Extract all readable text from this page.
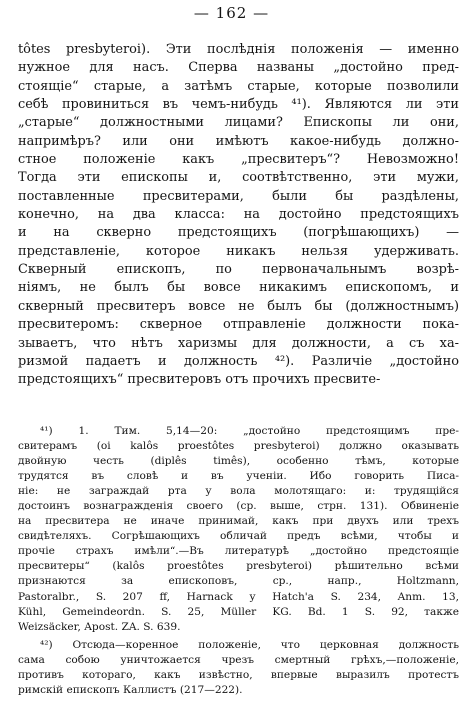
— 162 —
tôtes presbyteroi). Эти послѣднія положенія — именно
нужное для насъ. Сперва названы „достойно пред-
стоящіе“ старые, а затѣмъ старые, которые позволили
себѣ провиниться въ чемъ-нибудь ⁴¹). Являются ли эти
„старые“ должностными лицами? Епископы ли они,
напримѣръ? или они имѣютъ какое-нибудь должно-
стное положеніе какъ „пресвитеръ“? Невозможно!
Тогда эти епископы и, соотвѣтственно, эти мужи,
поставленные пресвитерами, были бы раздѣлены,
конечно, на два класса: на достойно предстоящихъ
и на скверно предстоящихъ (погрѣшающихъ) —
представленіе, которое никакъ нельзя удерживать.
Скверный епископъ, по первоначальнымъ возрѣ-
ніямъ, не былъ бы вовсе никакимъ епископомъ, и
скверный пресвитеръ вовсе не былъ бы (должностнымъ)
пресвитеромъ: скверное отправленіе должности пока-
зываетъ, что нѣтъ харизмы для должности, а съ ха-
ризмой падаетъ и должность ⁴²). Различіе „достойно
предстоящихъ“ пресвитеровъ отъ прочихъ пресвите-
⁴¹) 1. Тим. 5,14—20: „достойно предстоящимъ пре-
свитерамъ (oi kalôs proestôtes presbyteroi) должно оказывать
двойную честь (diplês timês), особенно тѣмъ, которые
трудятся въ словѣ и въ ученіи. Ибо говорить Писа-
ніе: не заграждай рта у вола молотящаго: и: трудящійся
достоинъ вознагражденія своего (ср. выше, стрн. 131). Обвиненіе
на пресвитера не иначе принимай, какъ при двухъ или трехъ
свидѣтеляхъ. Согрѣшающихъ обличай предъ всѣми, чтобы и
прочіе страхъ имѣли“.—Въ литературѣ „достойно предстоящіе
пресвитеры“ (kalôs proestôtes presbyteroi) рѣшительно всѣми
признаются за епископовъ, ср., напр., Holtzmann,
Pastoralbr., S. 207 ff, Harnack у Hatch'a S. 234, Anm. 13,
Kühl, Gemeindeordn. S. 25, Müller KG. Bd. 1 S. 92, также
Weizsäcker, Apost. ZA. S. 639.
⁴²) Отсюда—коренное положеніе, что церковная должность
сама собою уничтожается чрезъ смертный грѣхъ,—положеніе,
противъ котораго, какъ извѣстно, впервые выразилъ протестъ
римскій епископъ Каллистъ (217—222).
